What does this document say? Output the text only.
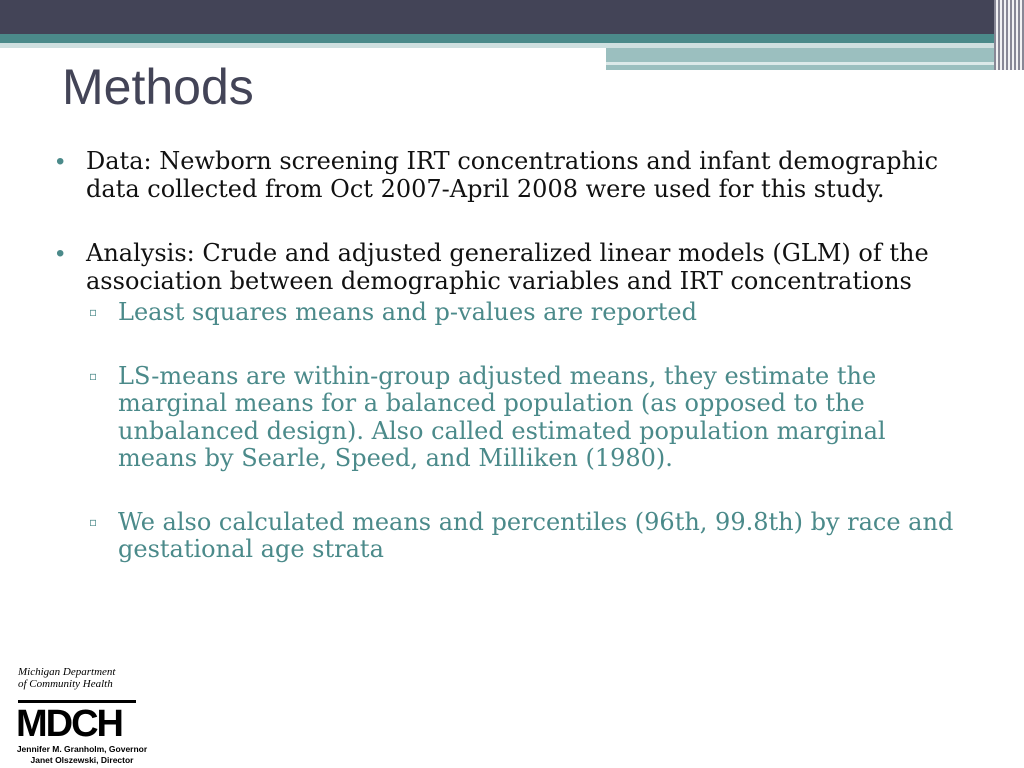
Methods
• Data: Newborn screening IRT concentrations and infant demographic data collected from Oct 2007-April 2008 were used for this study.
• Analysis: Crude and adjusted generalized linear models (GLM) of the association between demographic variables and IRT concentrations
▫ Least squares means and p-values are reported
▫ LS-means are within-group adjusted means, they estimate the marginal means for a balanced population (as opposed to the unbalanced design). Also called estimated population marginal means by Searle, Speed, and Milliken (1980).
▫ We also calculated means and percentiles (96th, 99.8th) by race and gestational age strata
Michigan Department
of Community Health
MDCH
Jennifer M. Granholm, Governor
Janet Olszewski, Director
